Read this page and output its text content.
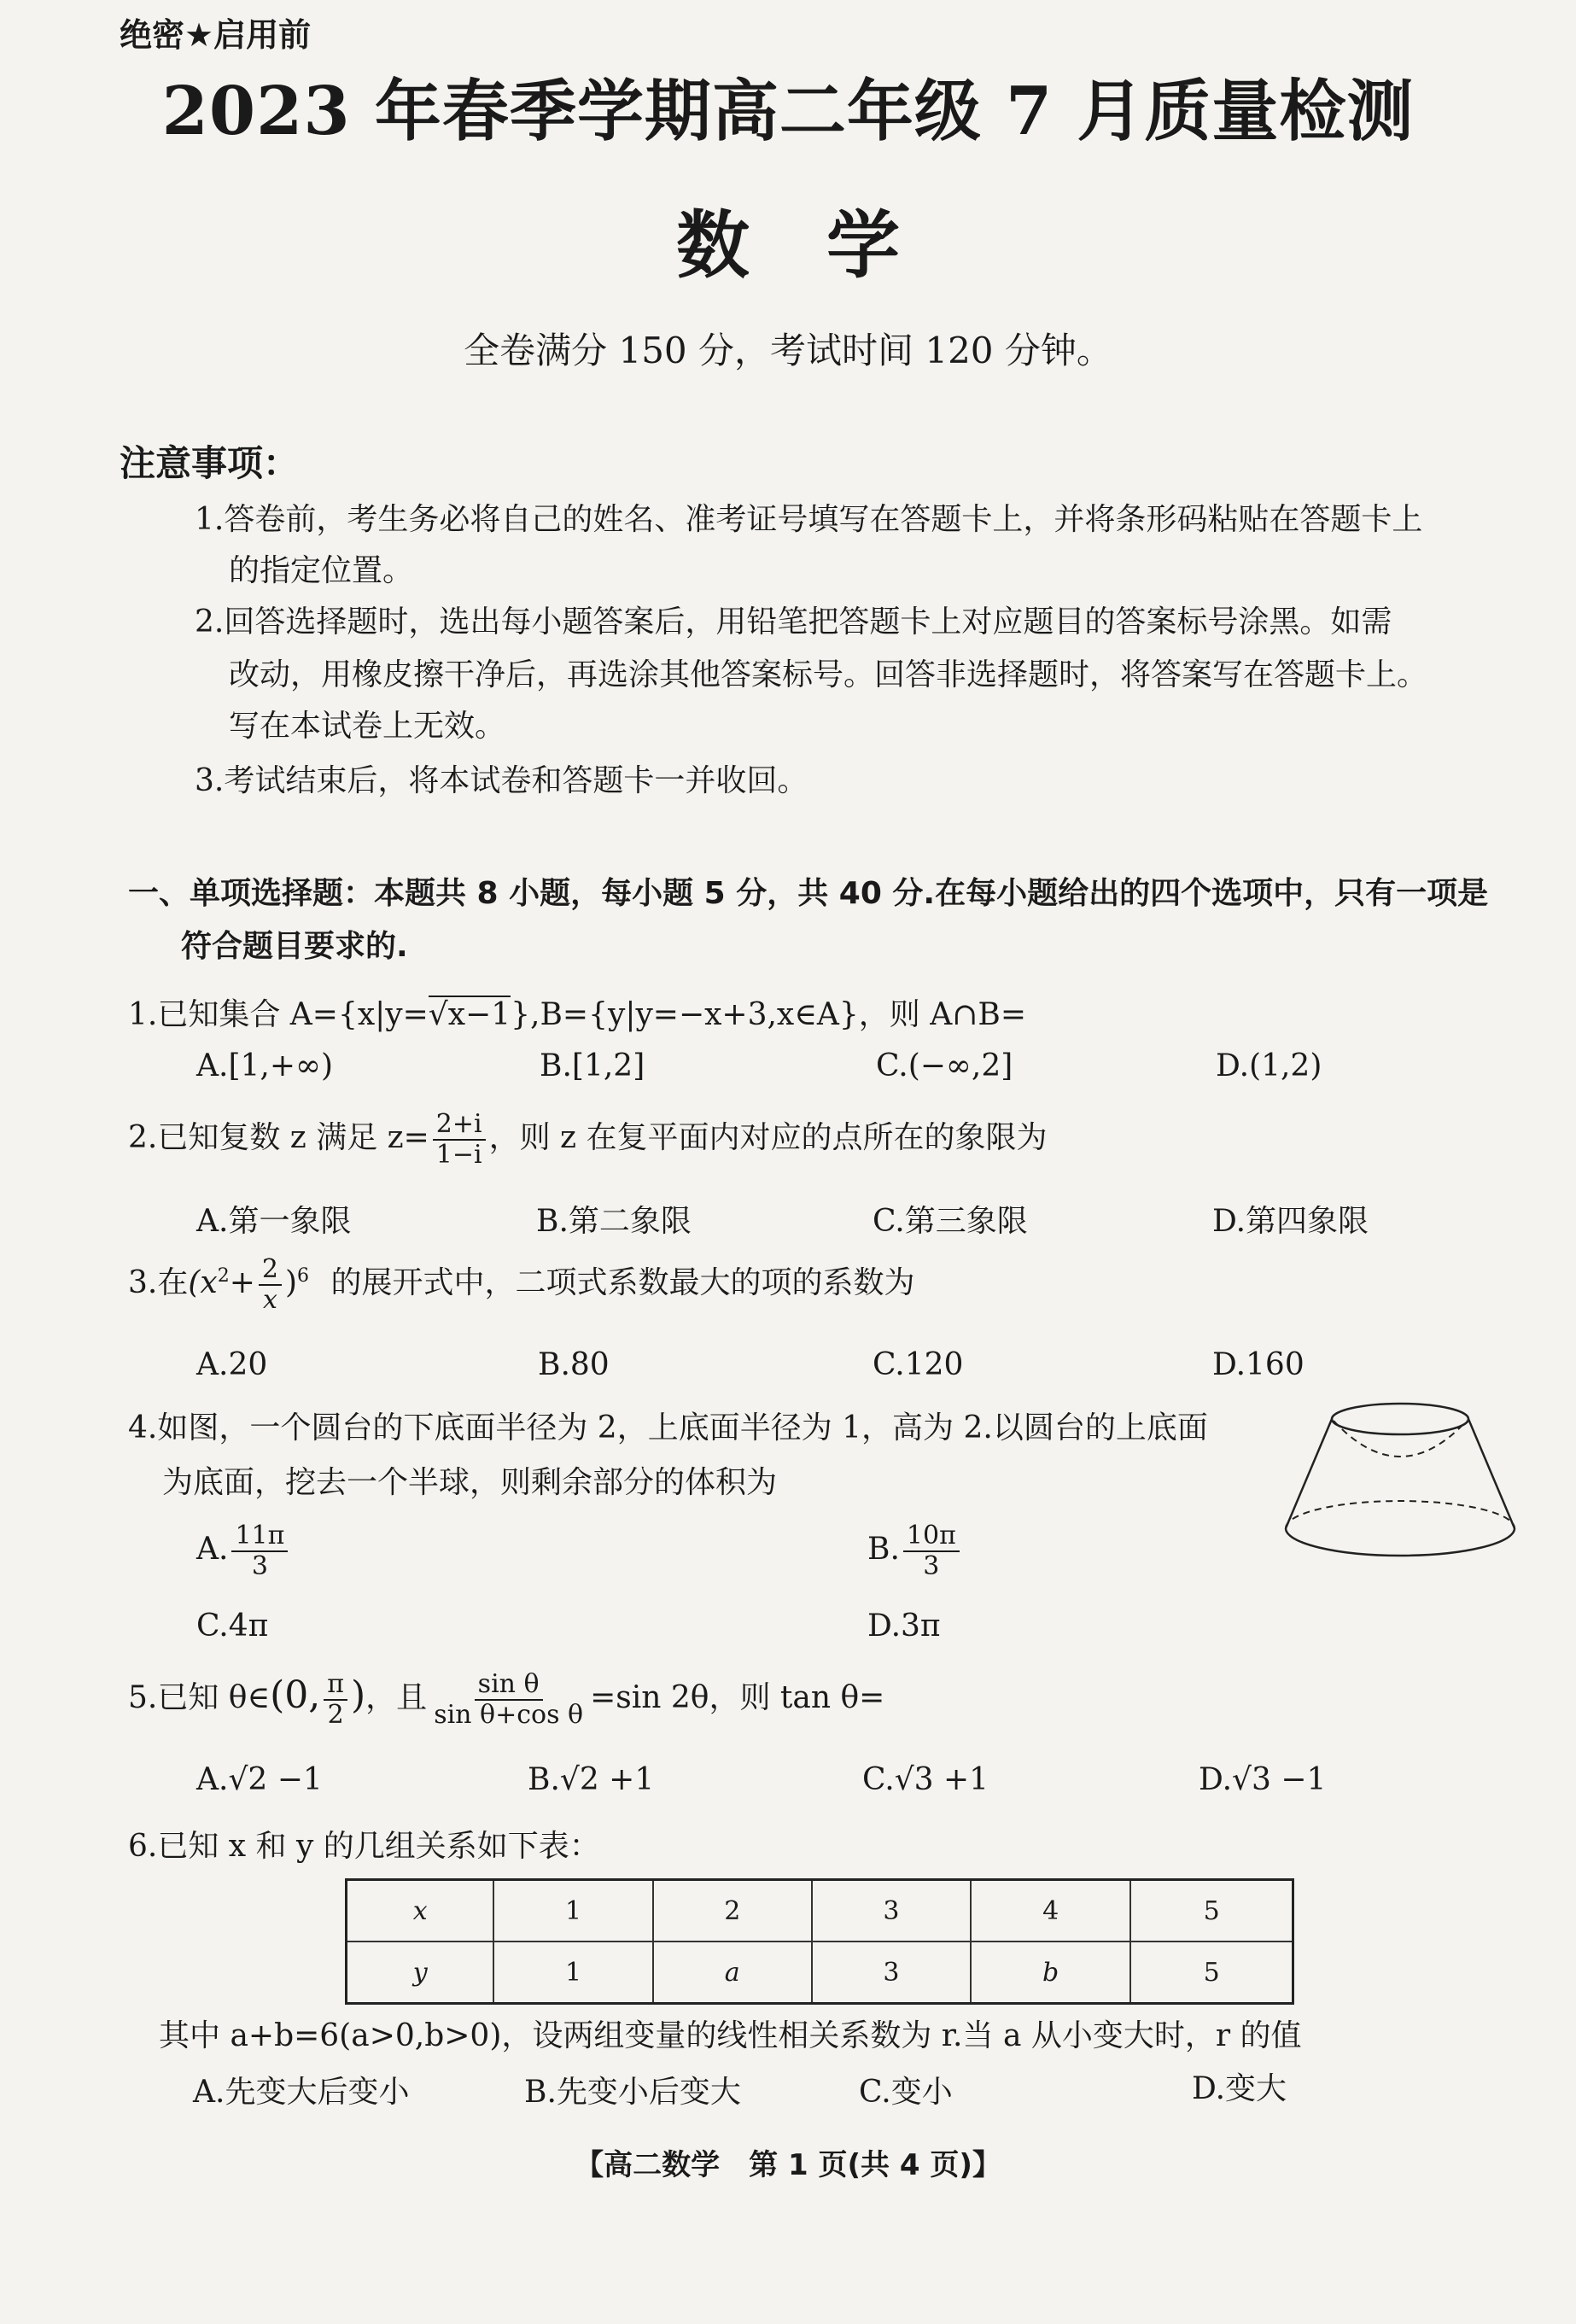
绝密★启用前
2023 年春季学期高二年级 7 月质量检测
数学
全卷满分 150 分，考试时间 120 分钟。
注意事项：
1.答卷前，考生务必将自己的姓名、准考证号填写在答题卡上，并将条形码粘贴在答题卡上
的指定位置。
2.回答选择题时，选出每小题答案后，用铅笔把答题卡上对应题目的答案标号涂黑。如需
改动，用橡皮擦干净后，再选涂其他答案标号。回答非选择题时，将答案写在答题卡上。
写在本试卷上无效。
3.考试结束后，将本试卷和答题卡一并收回。
一、单项选择题：本题共 8 小题，每小题 5 分，共 40 分.在每小题给出的四个选项中，只有一项是
符合题目要求的.
1.已知集合 A={x|y=√x−1},B={y|y=−x+3,x∈A}，则 A∩B=
A.[1,+∞)	B.[1,2]	C.(−∞,2]	D.(1,2)
2.已知复数 z 满足 $z= \frac{2+i}{1-i}$ ，则 z 在复平面内对应的点所在的象限为
A.第一象限	B.第二象限	C.第三象限	D.第四象限
3.在$(x^2+ \frac{2}{x} )^6$ 的展开式中，二项式系数最大的项的系数为
A.20	B.80	C.120	D.160
4.如图，一个圆台的下底面半径为 2，上底面半径为 1，高为 2.以圆台的上底面
为底面，挖去一个半球，则剩余部分的体积为
A. $\frac{11\pi}{3}$	B. $\frac{10\pi}{3}$
C.4π	D.3π
5.已知 θ∈(0, $\frac{\pi}{2}$ )，且 $\frac{\text{sin θ}}{\text{sin θ+cos θ}} =\sin$ 2θ，则 tan θ=
A.√2 −1	B.√2 +1	C.√3 +1	D.√3 −1
6.已知 x 和 y 的几组关系如下表：
x	1	2	3	4	5
y	1	a	3	b	5
其中 a+b=6(a>0,b>0)，设两组变量的线性相关系数为 r.当 a 从小变大时，r 的值
A.先变大后变小	B.先变小后变大	C.变小	D.变大
【高二数学　第 1 页(共 4 页)】
